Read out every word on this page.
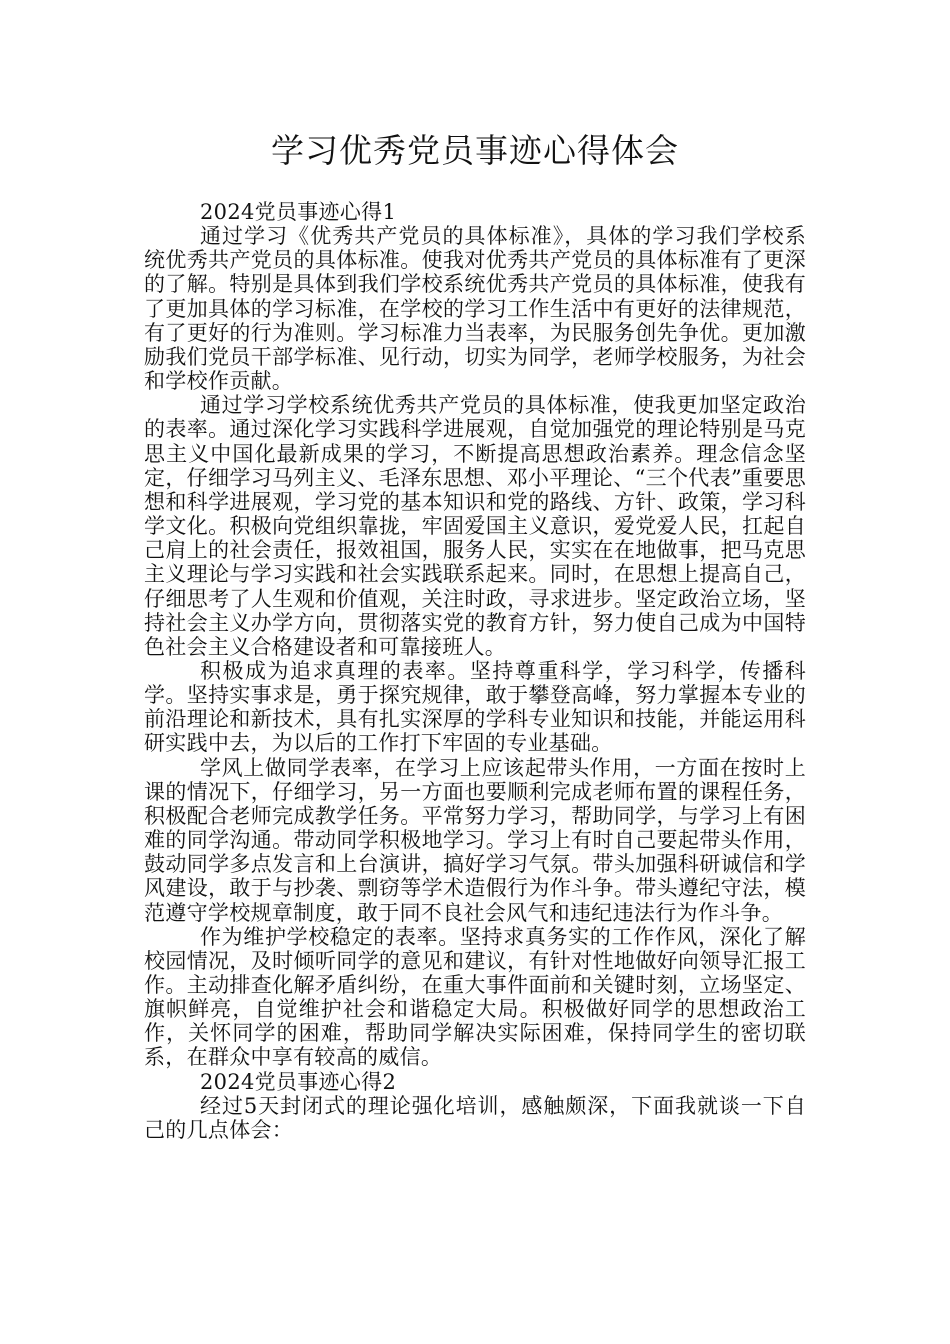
学习优秀党员事迹心得体会

2024党员事迹心得1

通过学习《优秀共产党员的具体标准》，具体的学习我们学校系统优秀共产党员的具体标准。使我对优秀共产党员的具体标准有了更深的了解。特别是具体到我们学校系统优秀共产党员的具体标准，使我有了更加具体的学习标准，在学校的学习工作生活中有更好的法律规范，有了更好的行为准则。学习标准力当表率，为民服务创先争优。更加激励我们党员干部学标准、见行动，切实为同学，老师学校服务，为社会和学校作贡献。

通过学习学校系统优秀共产党员的具体标准，使我更加坚定政治的表率。通过深化学习实践科学进展观，自觉加强党的理论特别是马克思主义中国化最新成果的学习，不断提高思想政治素养。理念信念坚定，仔细学习马列主义、毛泽东思想、邓小平理论、“三个代表”重要思想和科学进展观，学习党的基本知识和党的路线、方针、政策，学习科学文化。积极向党组织靠拢，牢固爱国主义意识，爱党爱人民，扛起自己肩上的社会责任，报效祖国，服务人民，实实在在地做事，把马克思主义理论与学习实践和社会实践联系起来。同时，在思想上提高自己，仔细思考了人生观和价值观，关注时政，寻求进步。坚定政治立场，坚持社会主义办学方向，贯彻落实党的教育方针，努力使自己成为中国特色社会主义合格建设者和可靠接班人。

积极成为追求真理的表率。坚持尊重科学，学习科学，传播科学。坚持实事求是，勇于探究规律，敢于攀登高峰，努力掌握本专业的前沿理论和新技术，具有扎实深厚的学科专业知识和技能，并能运用科研实践中去，为以后的工作打下牢固的专业基础。

学风上做同学表率，在学习上应该起带头作用，一方面在按时上课的情况下，仔细学习，另一方面也要顺利完成老师布置的课程任务，积极配合老师完成教学任务。平常努力学习，帮助同学，与学习上有困难的同学沟通。带动同学积极地学习。学习上有时自己要起带头作用，鼓动同学多点发言和上台演讲，搞好学习气氛。带头加强科研诚信和学风建设，敢于与抄袭、剽窃等学术造假行为作斗争。带头遵纪守法，模范遵守学校规章制度，敢于同不良社会风气和违纪违法行为作斗争。

作为维护学校稳定的表率。坚持求真务实的工作作风，深化了解校园情况，及时倾听同学的意见和建议，有针对性地做好向领导汇报工作。主动排查化解矛盾纠纷，在重大事件面前和关键时刻，立场坚定、旗帜鲜亮，自觉维护社会和谐稳定大局。积极做好同学的思想政治工作，关怀同学的困难，帮助同学解决实际困难，保持同学生的密切联系，在群众中享有较高的威信。

2024党员事迹心得2

经过5天封闭式的理论强化培训，感触颇深，下面我就谈一下自己的几点体会：
